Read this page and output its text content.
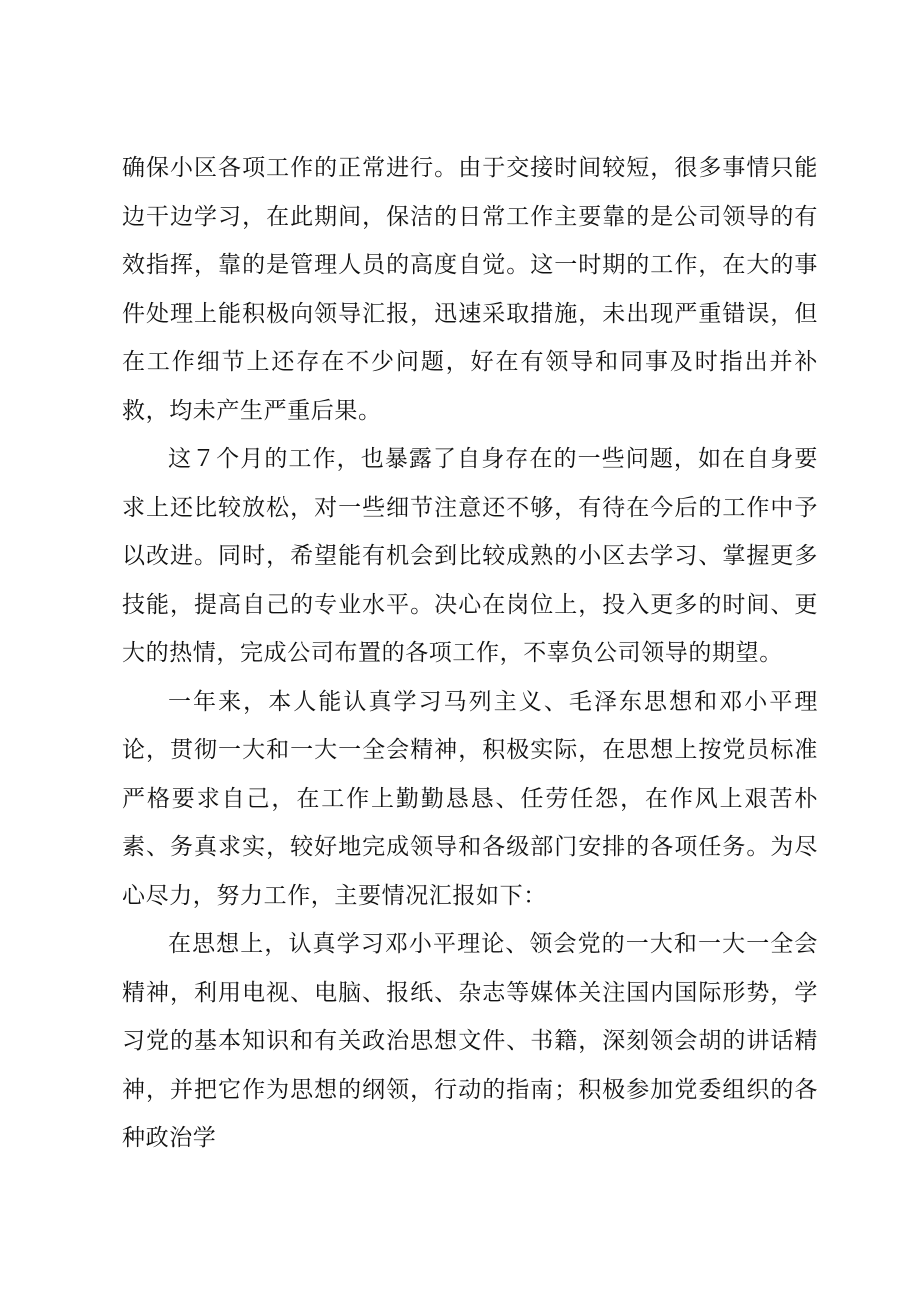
确保小区各项工作的正常进行。由于交接时间较短，很多事情只能边干边学习，在此期间，保洁的日常工作主要靠的是公司领导的有效指挥，靠的是管理人员的高度自觉。这一时期的工作，在大的事件处理上能积极向领导汇报，迅速采取措施，未出现严重错误，但在工作细节上还存在不少问题，好在有领导和同事及时指出并补救，均未产生严重后果。

这７个月的工作，也暴露了自身存在的一些问题，如在自身要求上还比较放松，对一些细节注意还不够，有待在今后的工作中予以改进。同时，希望能有机会到比较成熟的小区去学习、掌握更多技能，提高自己的专业水平。决心在岗位上，投入更多的时间、更大的热情，完成公司布置的各项工作，不辜负公司领导的期望。

一年来，本人能认真学习马列主义、毛泽东思想和邓小平理论，贯彻一大和一大一全会精神，积极实际，在思想上按党员标准严格要求自己，在工作上勤勤恳恳、任劳任怨，在作风上艰苦朴素、务真求实，较好地完成领导和各级部门安排的各项任务。为尽心尽力，努力工作，主要情况汇报如下：

在思想上，认真学习邓小平理论、领会党的一大和一大一全会精神，利用电视、电脑、报纸、杂志等媒体关注国内国际形势，学习党的基本知识和有关政治思想文件、书籍，深刻领会胡的讲话精神，并把它作为思想的纲领，行动的指南；积极参加党委组织的各种政治学
